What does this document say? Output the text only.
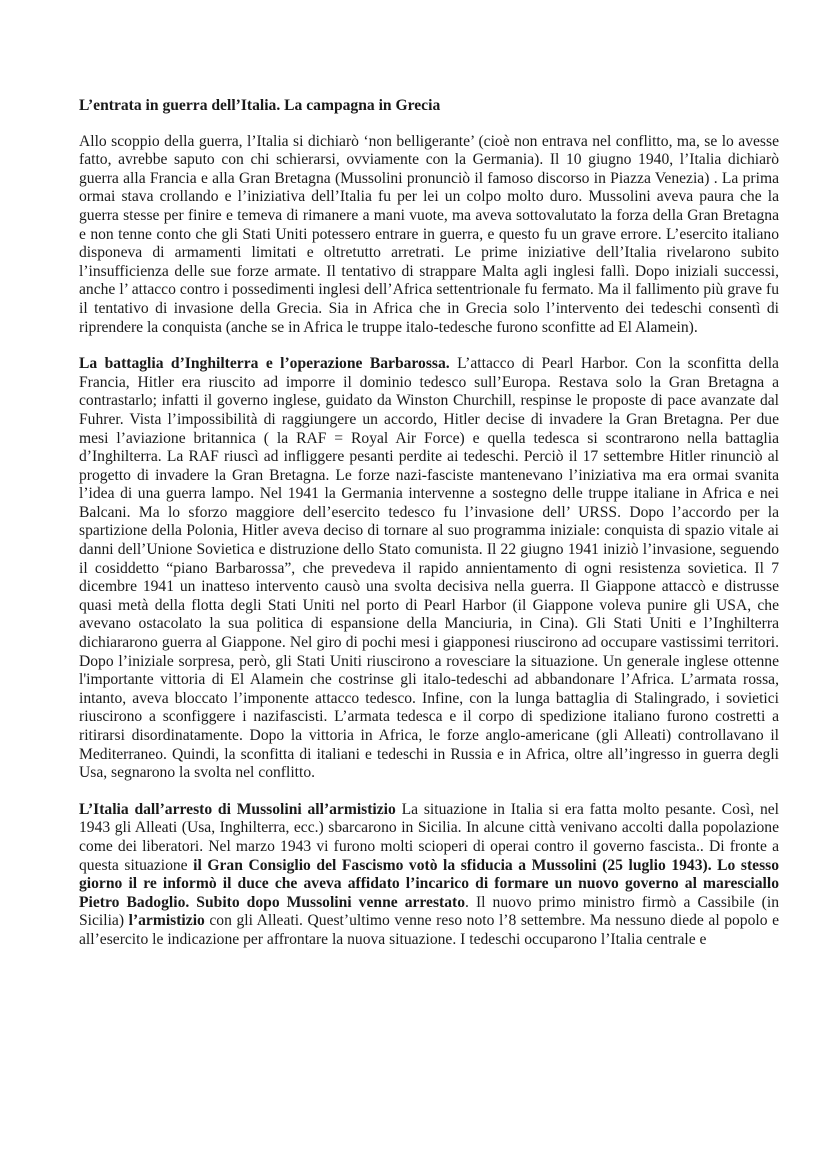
L’entrata in guerra dell’Italia. La campagna in Grecia

Allo scoppio della guerra, l’Italia si dichiarò ‘non belligerante’ (cioè non entrava nel conflitto, ma, se lo avesse fatto, avrebbe saputo con chi schierarsi, ovviamente con la Germania). Il 10 giugno 1940, l’Italia dichiarò guerra alla Francia e alla Gran Bretagna (Mussolini pronunciò il famoso discorso in Piazza Venezia) . La prima ormai stava crollando e l’iniziativa dell’Italia fu per lei un colpo molto duro. Mussolini aveva paura che la guerra stesse per finire e temeva di rimanere a mani vuote, ma aveva sottovalutato la forza della Gran Bretagna e non tenne conto che gli Stati Uniti potessero entrare in guerra, e questo fu un grave errore. L’esercito italiano disponeva di armamenti limitati e oltretutto arretrati. Le prime iniziative dell’Italia rivelarono subito l’insufficienza delle sue forze armate. Il tentativo di strappare Malta agli inglesi fallì. Dopo iniziali successi, anche l’ attacco contro i possedimenti inglesi dell’Africa settentrionale fu fermato. Ma il fallimento più grave fu il tentativo di invasione della Grecia. Sia in Africa che in Grecia solo l’intervento dei tedeschi consentì di riprendere la conquista (anche se in Africa le truppe italo-tedesche furono sconfitte ad El Alamein).

La battaglia d’Inghilterra e l’operazione Barbarossa. L’attacco di Pearl Harbor. Con la sconfitta della Francia, Hitler era riuscito ad imporre il dominio tedesco sull’Europa. Restava solo la Gran Bretagna a contrastarlo; infatti il governo inglese, guidato da Winston Churchill, respinse le proposte di pace avanzate dal Fuhrer. Vista l’impossibilità di raggiungere un accordo, Hitler decise di invadere la Gran Bretagna. Per due mesi l’aviazione britannica ( la RAF = Royal Air Force) e quella tedesca si scontrarono nella battaglia d’Inghilterra. La RAF riuscì ad infliggere pesanti perdite ai tedeschi. Perciò il 17 settembre Hitler rinunciò al progetto di invadere la Gran Bretagna. Le forze nazi-fasciste mantenevano l’iniziativa ma era ormai svanita l’idea di una guerra lampo. Nel 1941 la Germania intervenne a sostegno delle truppe italiane in Africa e nei Balcani. Ma lo sforzo maggiore dell’esercito tedesco fu l’invasione dell’ URSS. Dopo l’accordo per la spartizione della Polonia, Hitler aveva deciso di tornare al suo programma iniziale: conquista di spazio vitale ai danni dell’Unione Sovietica e distruzione dello Stato comunista. Il 22 giugno 1941 iniziò l’invasione, seguendo il cosiddetto “piano Barbarossa”, che prevedeva il rapido annientamento di ogni resistenza sovietica. Il 7 dicembre 1941 un inatteso intervento causò una svolta decisiva nella guerra. Il Giappone attaccò e distrusse quasi metà della flotta degli Stati Uniti nel porto di Pearl Harbor (il Giappone voleva punire gli USA, che avevano ostacolato la sua politica di espansione della Manciuria, in Cina). Gli Stati Uniti e l’Inghilterra dichiararono guerra al Giappone. Nel giro di pochi mesi i giapponesi riuscirono ad occupare vastissimi territori. Dopo l’iniziale sorpresa, però, gli Stati Uniti riuscirono a rovesciare la situazione. Un generale inglese ottenne l'importante vittoria di El Alamein che costrinse gli italo-tedeschi ad abbandonare l’Africa. L’armata rossa, intanto, aveva bloccato l’imponente attacco tedesco. Infine, con la lunga battaglia di Stalingrado, i sovietici riuscirono a sconfiggere i nazifascisti. L’armata tedesca e il corpo di spedizione italiano furono costretti a ritirarsi disordinatamente. Dopo la vittoria in Africa, le forze anglo-americane (gli Alleati) controllavano il Mediterraneo. Quindi, la sconfitta di italiani e tedeschi in Russia e in Africa, oltre all’ingresso in guerra degli Usa, segnarono la svolta nel conflitto.

L’Italia dall’arresto di Mussolini all’armistizio La situazione in Italia si era fatta molto pesante. Così, nel 1943 gli Alleati (Usa, Inghilterra, ecc.) sbarcarono in Sicilia. In alcune città venivano accolti dalla popolazione come dei liberatori. Nel marzo 1943 vi furono molti scioperi di operai contro il governo fascista.. Di fronte a questa situazione il Gran Consiglio del Fascismo votò la sfiducia a Mussolini (25 luglio 1943). Lo stesso giorno il re informò il duce che aveva affidato l’incarico di formare un nuovo governo al maresciallo Pietro Badoglio. Subito dopo Mussolini venne arrestato. Il nuovo primo ministro firmò a Cassibile (in Sicilia) l’armistizio con gli Alleati. Quest’ultimo venne reso noto l’8 settembre. Ma nessuno diede al popolo e all’esercito le indicazione per affrontare la nuova situazione. I tedeschi occuparono l’Italia centrale e
